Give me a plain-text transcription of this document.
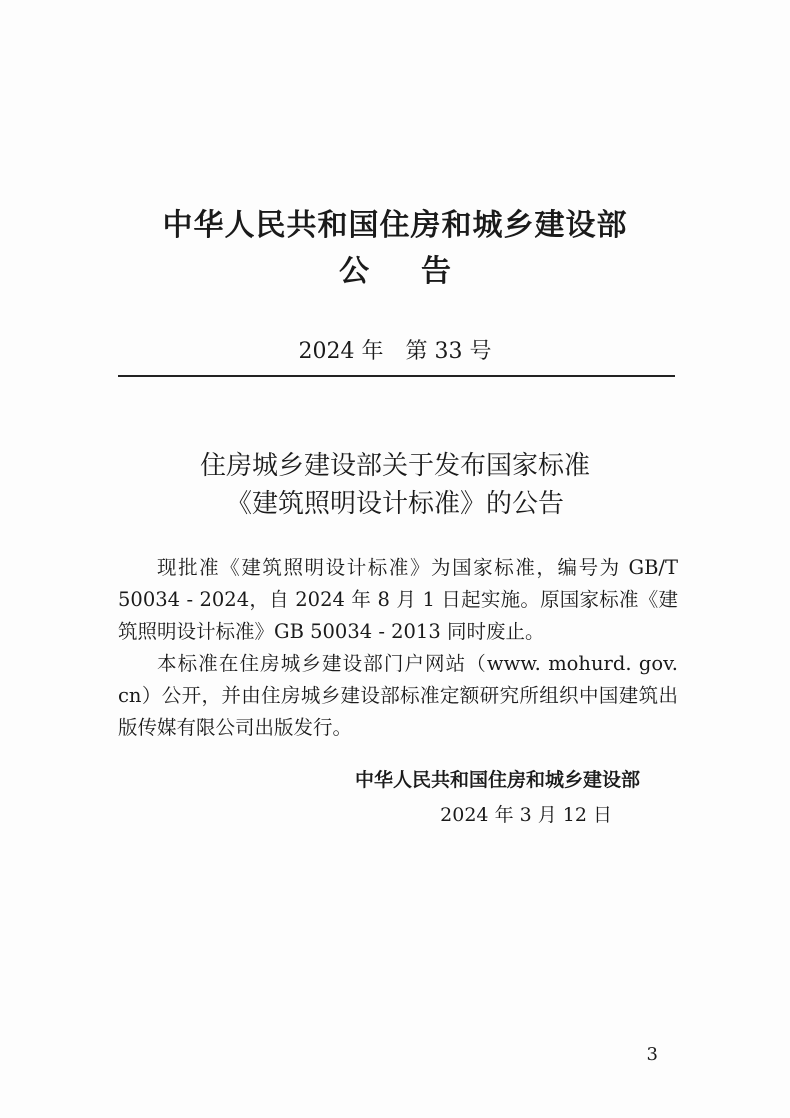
中华人民共和国住房和城乡建设部
公告
2024 年　第 33 号
住房城乡建设部关于发布国家标准
《建筑照明设计标准》的公告

现批准《建筑照明设计标准》为国家标准，编号为 GB/T 50034 - 2024，自 2024 年 8 月 1 日起实施。原国家标准《建筑照明设计标准》GB 50034 - 2013 同时废止。

本标准在住房城乡建设部门户网站（www. mohurd. gov. cn）公开，并由住房城乡建设部标准定额研究所组织中国建筑出版传媒有限公司出版发行。

中华人民共和国住房和城乡建设部
2024 年 3 月 12 日
3
